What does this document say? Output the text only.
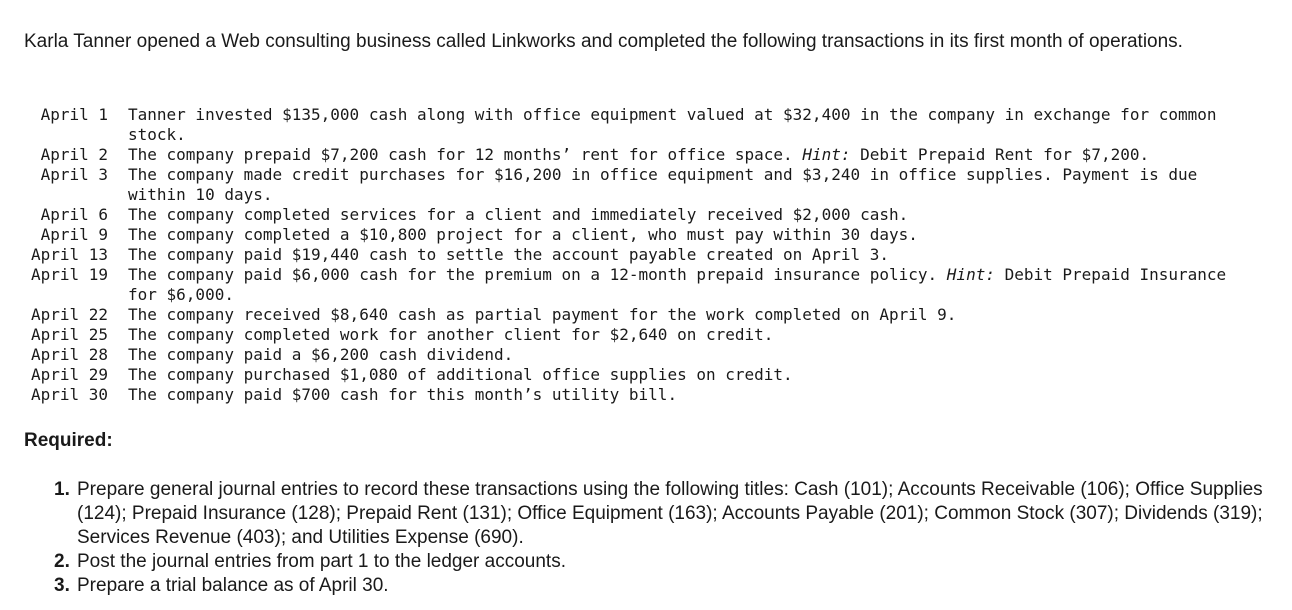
Karla Tanner opened a Web consulting business called Linkworks and completed the following transactions in its first month of operations.

April 1 Tanner invested $135,000 cash along with office equipment valued at $32,400 in the company in exchange for common stock.
April 2 The company prepaid $7,200 cash for 12 months’ rent for office space. Hint: Debit Prepaid Rent for $7,200.
April 3 The company made credit purchases for $16,200 in office equipment and $3,240 in office supplies. Payment is due within 10 days.
April 6 The company completed services for a client and immediately received $2,000 cash.
April 9 The company completed a $10,800 project for a client, who must pay within 30 days.
April 13 The company paid $19,440 cash to settle the account payable created on April 3.
April 19 The company paid $6,000 cash for the premium on a 12-month prepaid insurance policy. Hint: Debit Prepaid Insurance for $6,000.
April 22 The company received $8,640 cash as partial payment for the work completed on April 9.
April 25 The company completed work for another client for $2,640 on credit.
April 28 The company paid a $6,200 cash dividend.
April 29 The company purchased $1,080 of additional office supplies on credit.
April 30 The company paid $700 cash for this month’s utility bill.

Required:

1. Prepare general journal entries to record these transactions using the following titles: Cash (101); Accounts Receivable (106); Office Supplies (124); Prepaid Insurance (128); Prepaid Rent (131); Office Equipment (163); Accounts Payable (201); Common Stock (307); Dividends (319); Services Revenue (403); and Utilities Expense (690).
2. Post the journal entries from part 1 to the ledger accounts.
3. Prepare a trial balance as of April 30.
